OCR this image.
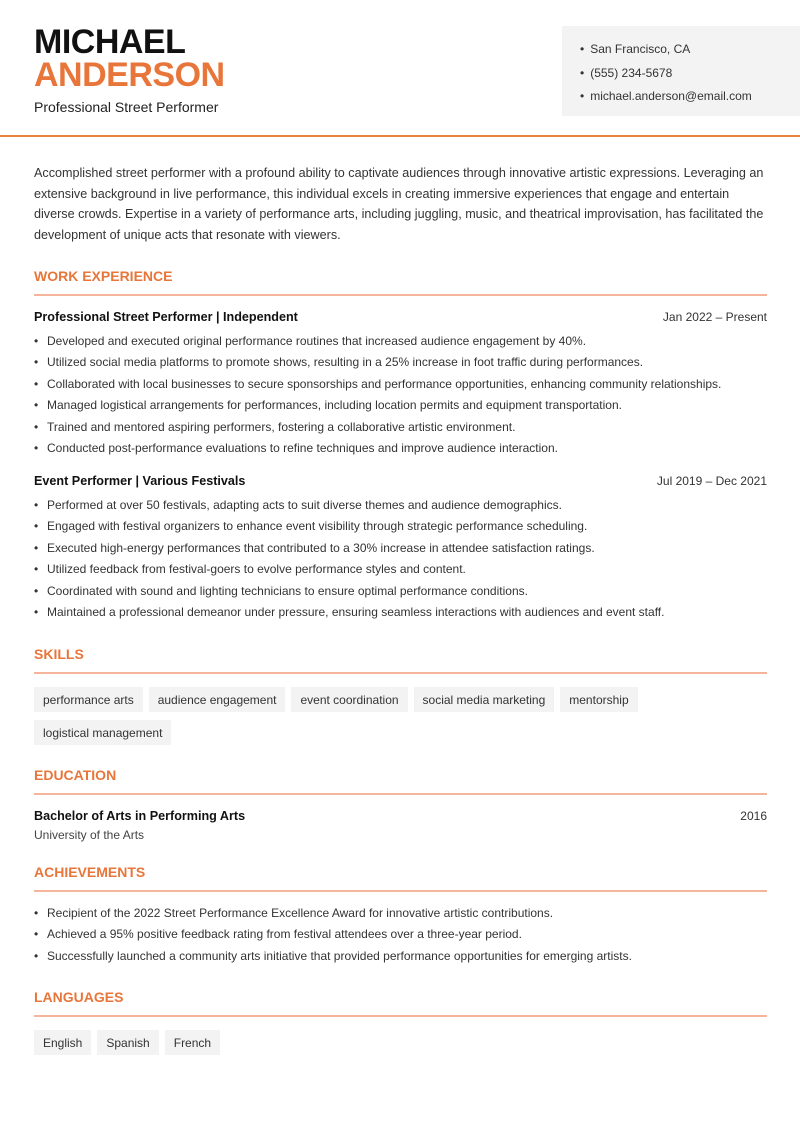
MICHAEL
ANDERSON
Professional Street Performer
• San Francisco, CA
• (555) 234-5678
• michael.anderson@email.com

Accomplished street performer with a profound ability to captivate audiences through innovative artistic expressions. Leveraging an extensive background in live performance, this individual excels in creating immersive experiences that engage and entertain diverse crowds. Expertise in a variety of performance arts, including juggling, music, and theatrical improvisation, has facilitated the development of unique acts that resonate with viewers.

WORK EXPERIENCE
Professional Street Performer | Independent	Jan 2022 – Present
• Developed and executed original performance routines that increased audience engagement by 40%.
• Utilized social media platforms to promote shows, resulting in a 25% increase in foot traffic during performances.
• Collaborated with local businesses to secure sponsorships and performance opportunities, enhancing community relationships.
• Managed logistical arrangements for performances, including location permits and equipment transportation.
• Trained and mentored aspiring performers, fostering a collaborative artistic environment.
• Conducted post-performance evaluations to refine techniques and improve audience interaction.
Event Performer | Various Festivals	Jul 2019 – Dec 2021
• Performed at over 50 festivals, adapting acts to suit diverse themes and audience demographics.
• Engaged with festival organizers to enhance event visibility through strategic performance scheduling.
• Executed high-energy performances that contributed to a 30% increase in attendee satisfaction ratings.
• Utilized feedback from festival-goers to evolve performance styles and content.
• Coordinated with sound and lighting technicians to ensure optimal performance conditions.
• Maintained a professional demeanor under pressure, ensuring seamless interactions with audiences and event staff.
SKILLS
performance arts	audience engagement	event coordination	social media marketing	mentorship
logistical management
EDUCATION
Bachelor of Arts in Performing Arts	2016
University of the Arts
ACHIEVEMENTS
• Recipient of the 2022 Street Performance Excellence Award for innovative artistic contributions.
• Achieved a 95% positive feedback rating from festival attendees over a three-year period.
• Successfully launched a community arts initiative that provided performance opportunities for emerging artists.
LANGUAGES
English	Spanish	French
